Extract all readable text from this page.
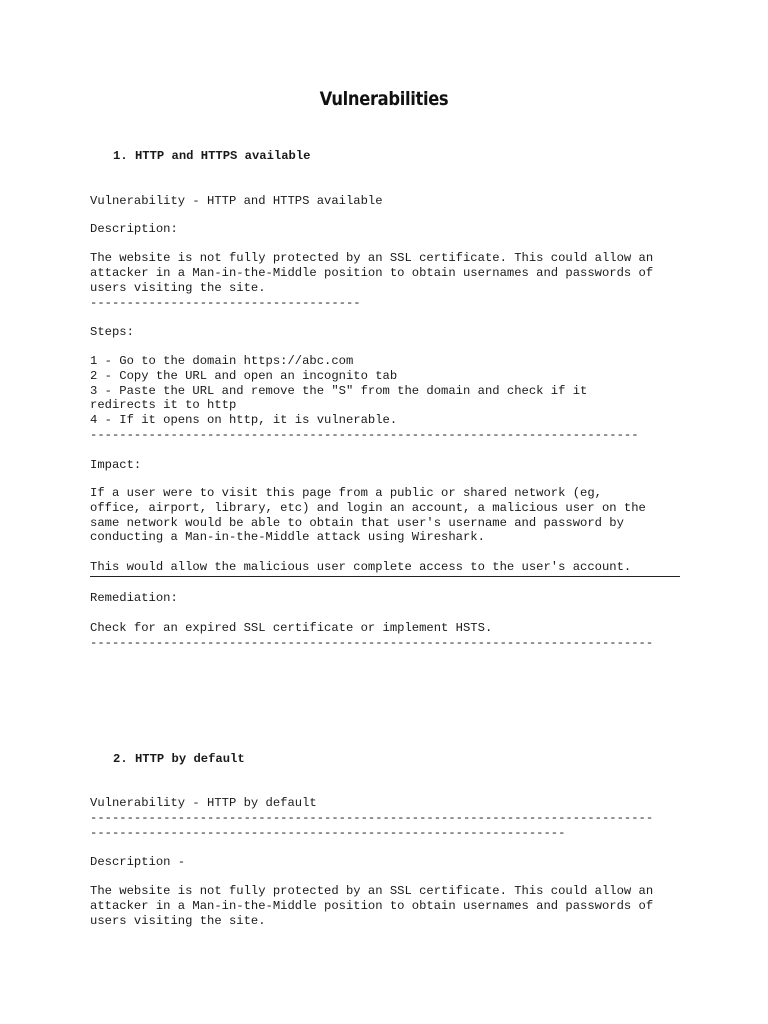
Vulnerabilities
1. HTTP and HTTPS available
Vulnerability - HTTP and HTTPS available
Description:
The website is not fully protected by an SSL certificate. This could allow an
attacker in a Man-in-the-Middle position to obtain usernames and passwords of
users visiting the site.
-------------------------------------
Steps:
1 - Go to the domain https://abc.com
2 - Copy the URL and open an incognito tab
3 - Paste the URL and remove the "S" from the domain and check if it
redirects it to http
4 - If it opens on http, it is vulnerable.
---------------------------------------------------------------------------
Impact:
If a user were to visit this page from a public or shared network (eg,
office, airport, library, etc) and login an account, a malicious user on the
same network would be able to obtain that user's username and password by
conducting a Man-in-the-Middle attack using Wireshark.
This would allow the malicious user complete access to the user's account.
Remediation:
Check for an expired SSL certificate or implement HSTS.
-----------------------------------------------------------------------------
2. HTTP by default
Vulnerability - HTTP by default
-----------------------------------------------------------------------------
-----------------------------------------------------------------
Description -
The website is not fully protected by an SSL certificate. This could allow an
attacker in a Man-in-the-Middle position to obtain usernames and passwords of
users visiting the site.
